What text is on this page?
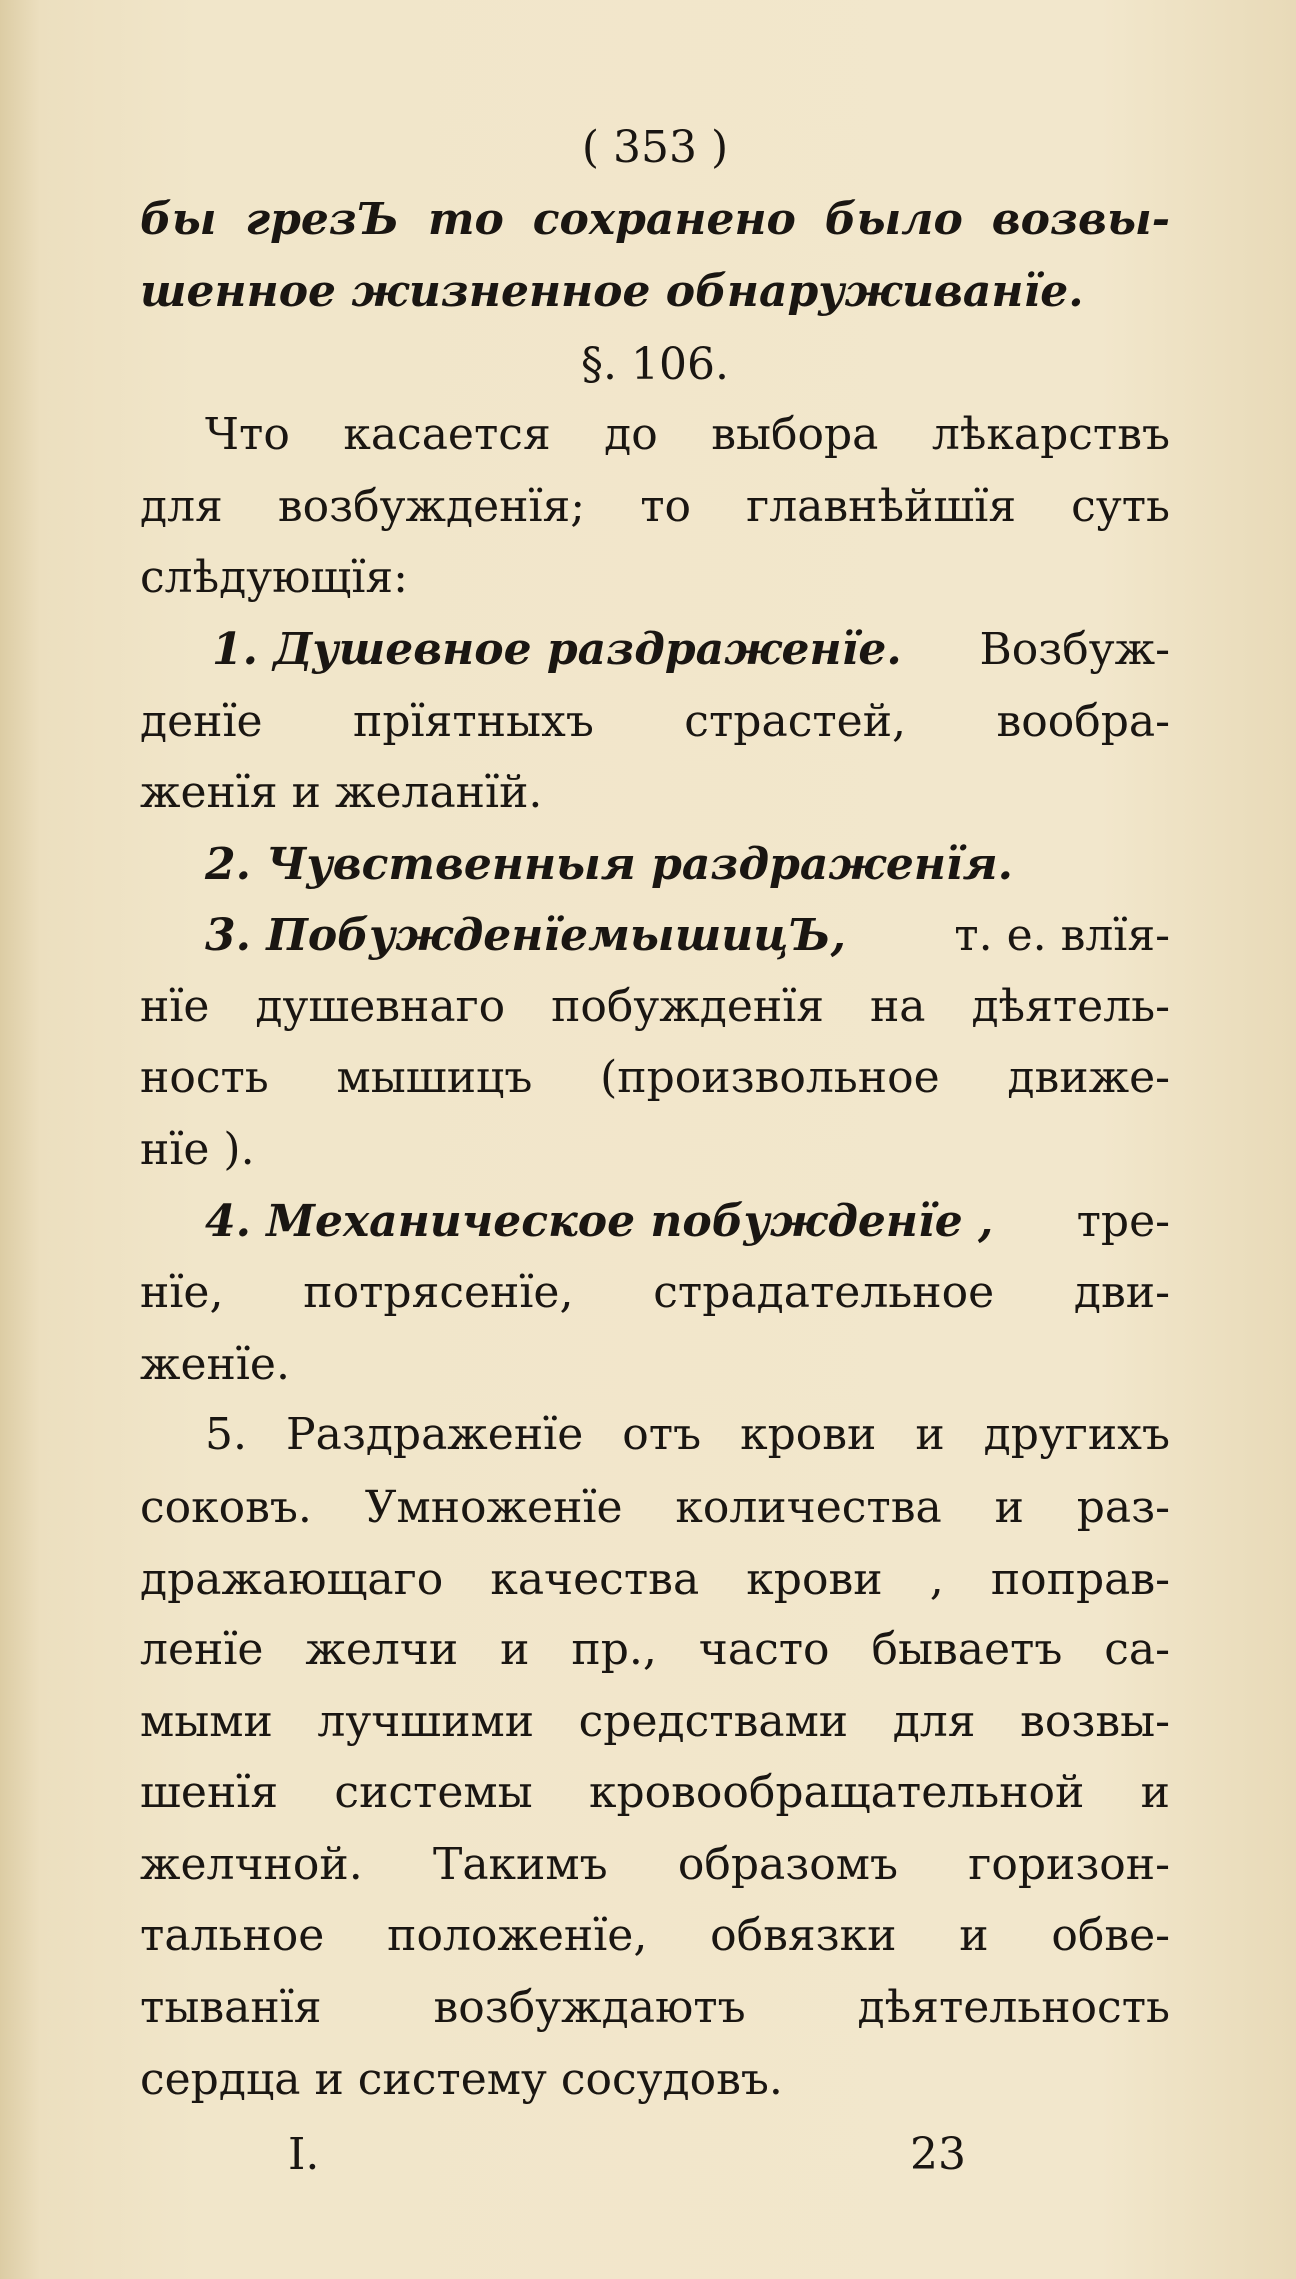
( 353 )
бы грезЪ то сохранено было возвы-
шенное жизненное обнаруживанїе.
§. 106.
Что касается до выбора лѣкарствъ
для возбужденїя; то главнѣйшїя суть
слѣдующїя:
1. Душевное раздраженїе. Возбуж-
денїе прїятныхъ страстей, вообра-
женїя и желанїй.
2. Чувственныя раздраженїя.
3. ПобужденїемышицЪ, т. е. влїя-
нїе душевнаго побужденїя на дѣятель-
ность мышицъ (произвольное движе-
нїе ).
4. Механическое побужденїе , тре-
нїе, потрясенїе, страдательное дви-
женїе.
5. Раздраженїе отъ крови и другихъ
соковъ. Умноженїе количества и раз-
дражающаго качества крови , поправ-
ленїе желчи и пр., часто бываетъ са-
мыми лучшими средствами для возвы-
шенїя системы кровообращательной и
желчной. Такимъ образомъ горизон-
тальное положенїе, обвязки и обве-
тыванїя возбуждаютъ дѣятельность
сердца и систему сосудовъ.
I.	23
